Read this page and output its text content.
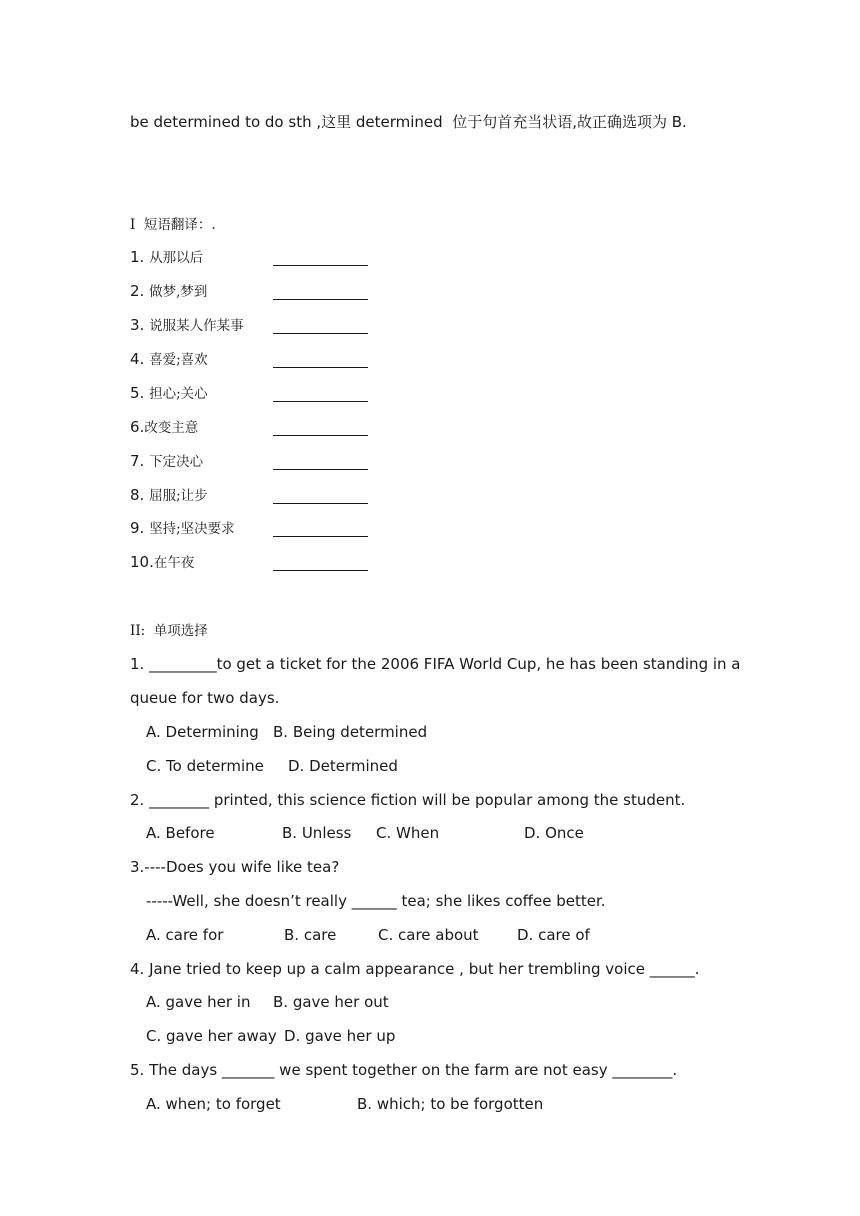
be determined to do sth ,这里 determined  位于句首充当状语,故正确选项为 B.
I  短语翻译：.
1. 从那以后
2. 做梦,梦到
3. 说服某人作某事
4. 喜爱;喜欢
5. 担心;关心
6.改变主意
7. 下定决心
8. 屈服;让步
9. 坚持;坚决要求
10.在午夜
II:  单项选择
1. _________to get a ticket for the 2006 FIFA World Cup, he has been standing in a
queue for two days.
A. Determining B. Being determined
C. To determine D. Determined
2. ________ printed, this science fiction will be popular among the student.
A. Before	B. Unless C. When	D. Once
3.----Does you wife like tea?
-----Well, she doesn’t really ______ tea; she likes coffee better.
A. care for	B. care	C. care about	D. care of
4. Jane tried to keep up a calm appearance , but her trembling voice ______.
A. gave her in B. gave her out
C. gave her away D. gave her up
5. The days _______ we spent together on the farm are not easy ________.
A. when; to forget	B. which; to be forgotten
